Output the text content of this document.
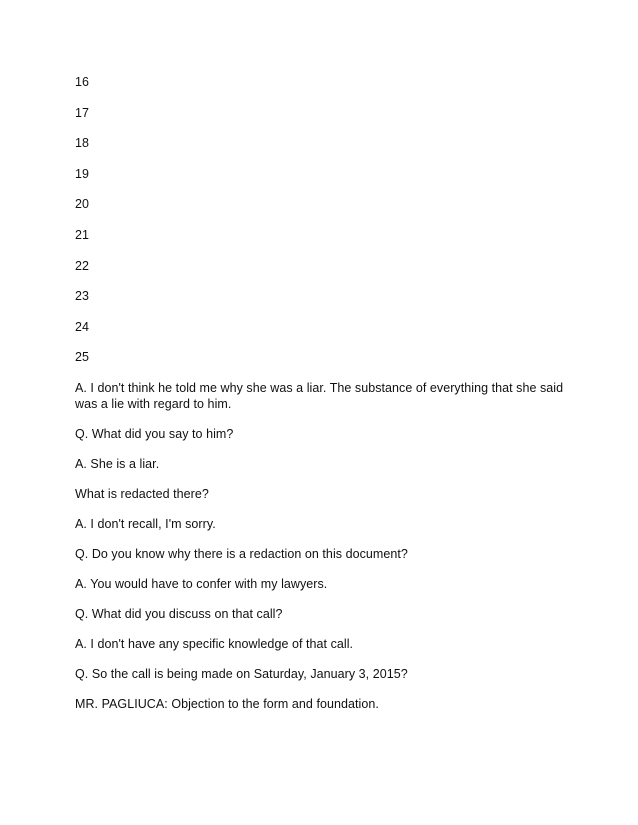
16
17
18
19
20
21
22
23
24
25

A. I don't think he told me why she was a liar. The substance of everything that she said was a lie with regard to him.

Q. What did you say to him?

A. She is a liar.

What is redacted there?

A. I don't recall, I'm sorry.

Q. Do you know why there is a redaction on this document?

A. You would have to confer with my lawyers.

Q. What did you discuss on that call?

A. I don't have any specific knowledge of that call.

Q. So the call is being made on Saturday, January 3, 2015?

MR. PAGLIUCA: Objection to the form and foundation.
